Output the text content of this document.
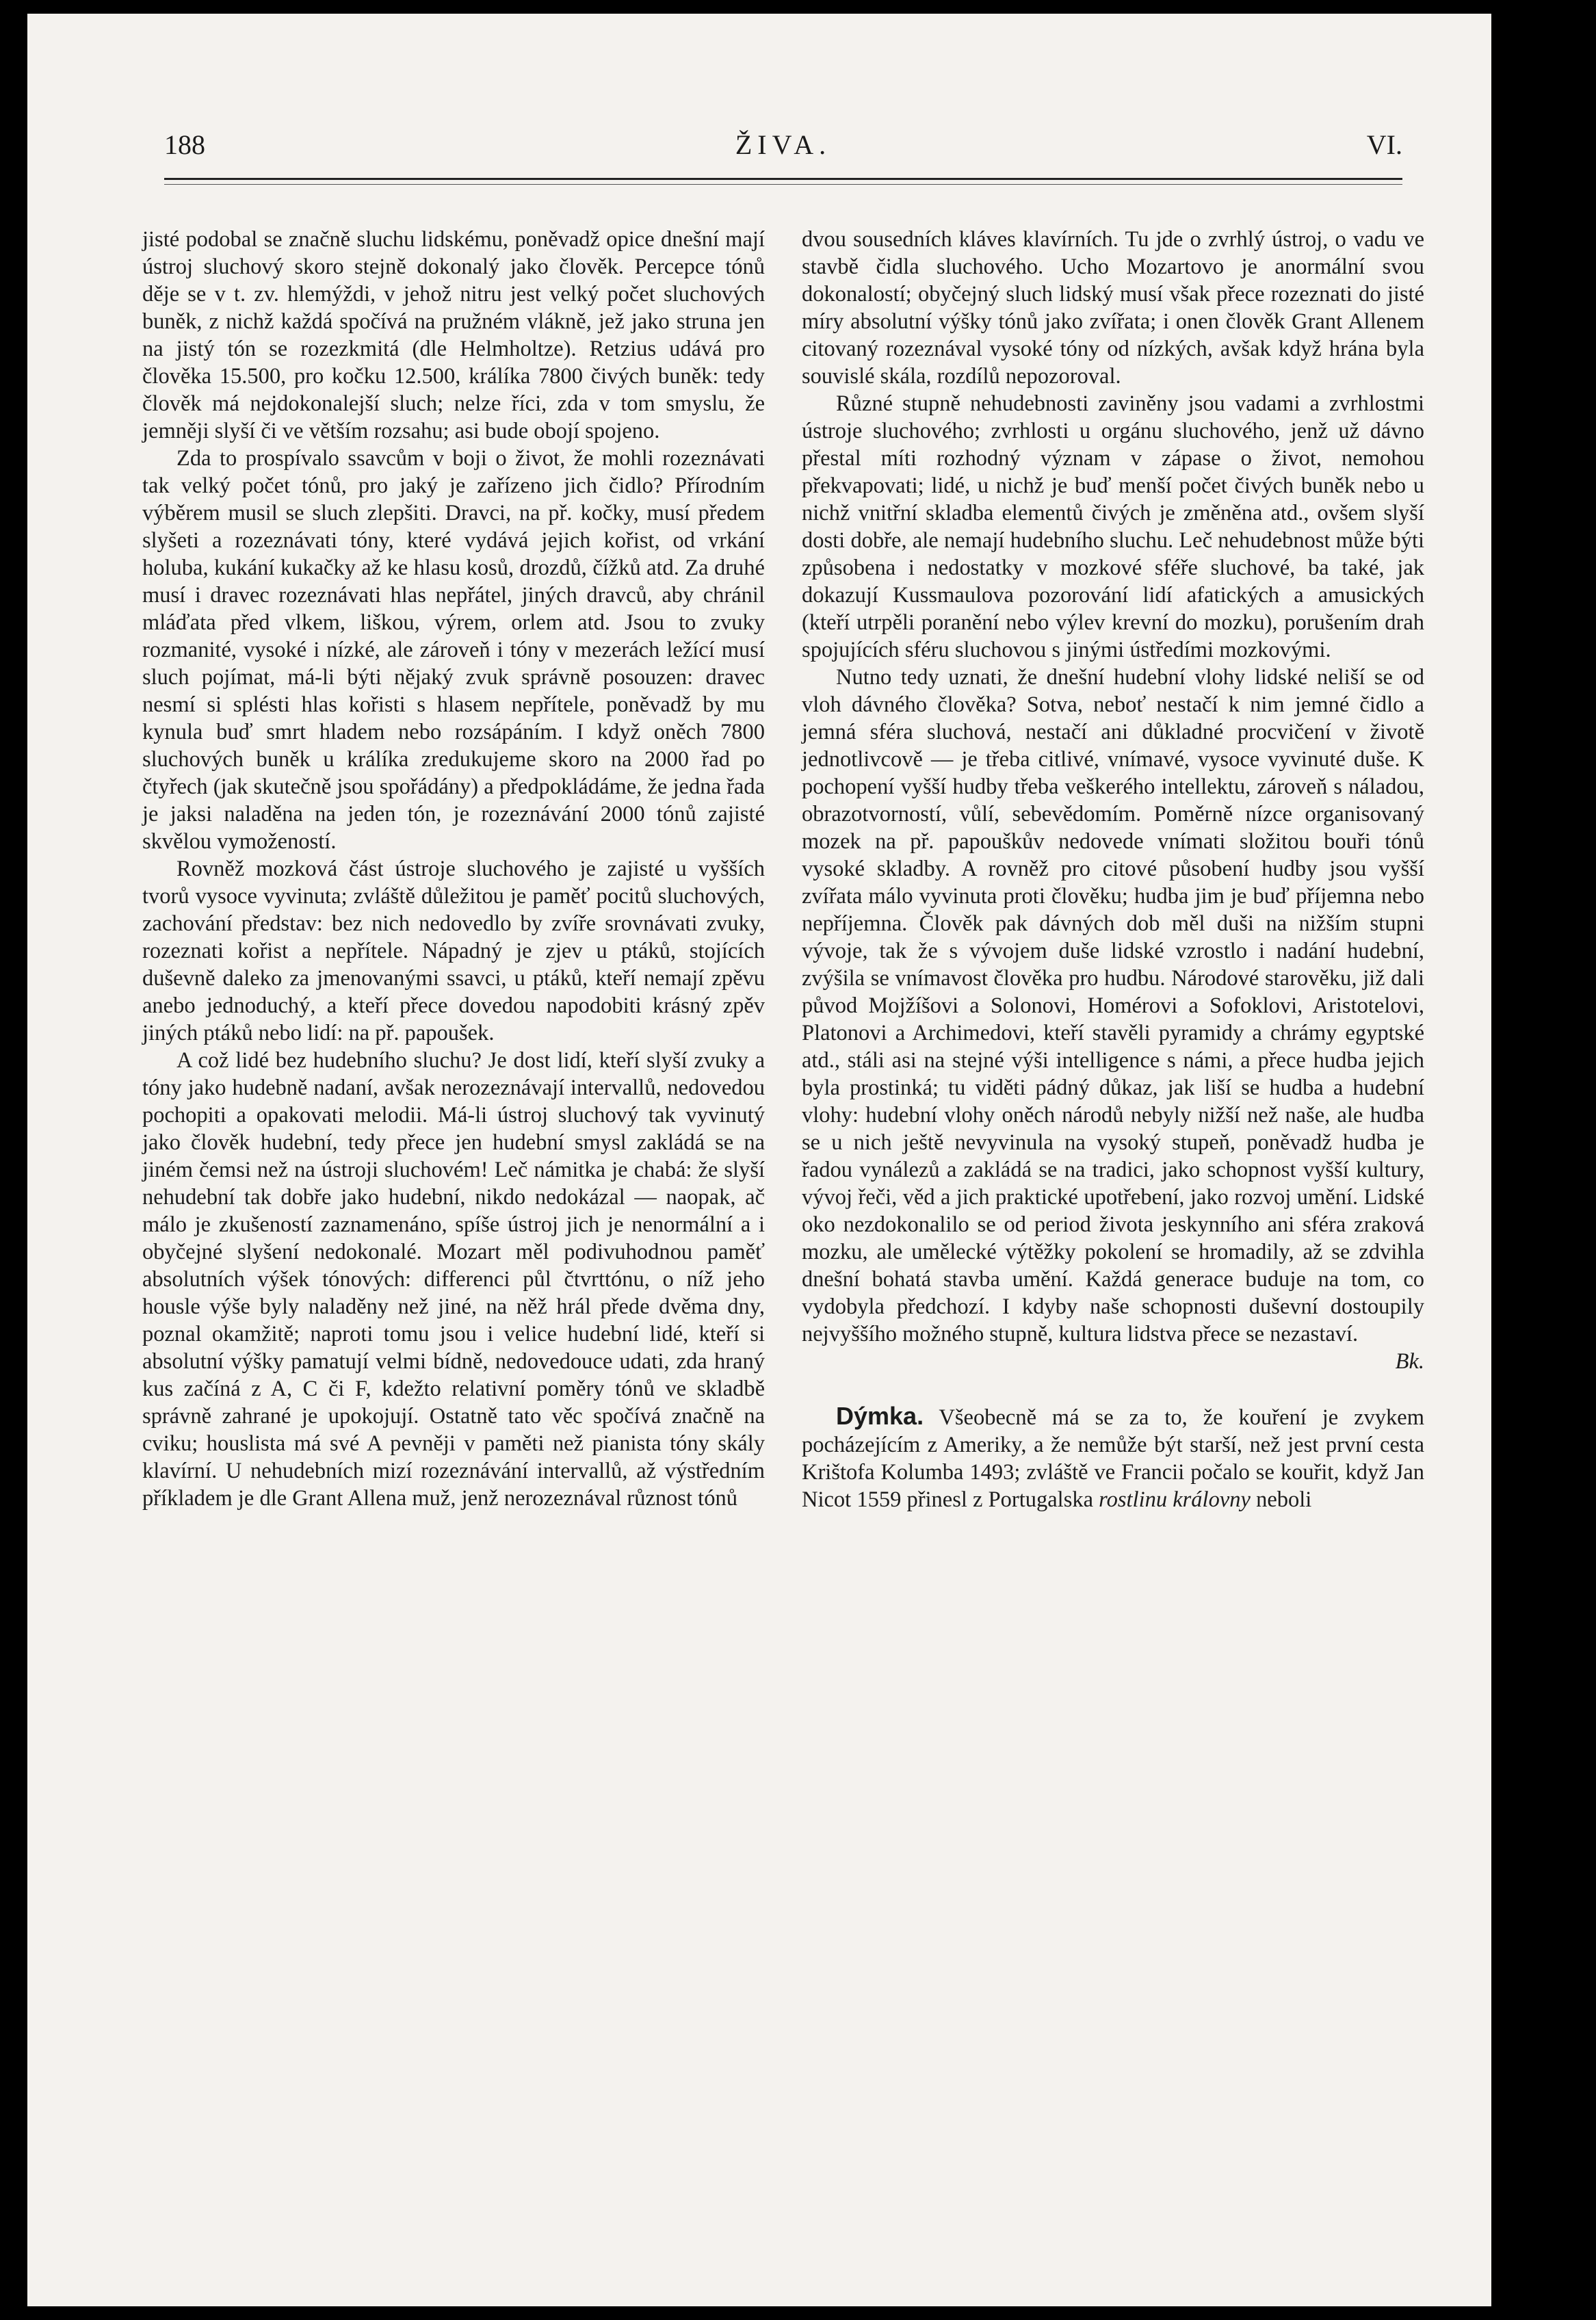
188	ŽIVA.	VI.

jisté podobal se značně sluchu lidskému, poněvadž opice dnešní mají ústroj sluchový skoro stejně dokonalý jako člověk. Percepce tónů děje se v t. zv. hlemýždi, v jehož nitru jest velký počet sluchových buněk, z nichž každá spočívá na pružném vlákně, jež jako struna jen na jistý tón se rozezkmitá (dle Helmholtze). Retzius udává pro člověka 15.500, pro kočku 12.500, králíka 7800 čivých buněk: tedy člověk má nejdokonalejší sluch; nelze říci, zda v tom smyslu, že jemněji slyší či ve větším rozsahu; asi bude obojí spojeno.

Zda to prospívalo ssavcům v boji o život, že mohli rozeznávati tak velký počet tónů, pro jaký je zařízeno jich čidlo? Přírodním výběrem musil se sluch zlepšiti. Dravci, na př. kočky, musí předem slyšeti a rozeznávati tóny, které vydává jejich kořist, od vrkání holuba, kukání kukačky až ke hlasu kosů, drozdů, čížků atd. Za druhé musí i dravec rozeznávati hlas nepřátel, jiných dravců, aby chránil mláďata před vlkem, liškou, výrem, orlem atd. Jsou to zvuky rozmanité, vysoké i nízké, ale zároveň i tóny v mezerách ležící musí sluch pojímat, má-li býti nějaký zvuk správně posouzen: dravec nesmí si splésti hlas kořisti s hlasem nepřítele, poněvadž by mu kynula buď smrt hladem nebo rozsápáním. I když oněch 7800 sluchových buněk u králíka zredukujeme skoro na 2000 řad po čtyřech (jak skutečně jsou spořádány) a předpokládáme, že jedna řada je jaksi naladěna na jeden tón, je rozeznávání 2000 tónů zajisté skvělou vymožeností.

Rovněž mozková část ústroje sluchového je zajisté u vyšších tvorů vysoce vyvinuta; zvláště důležitou je paměť pocitů sluchových, zachování představ: bez nich nedovedlo by zvíře srovnávati zvuky, rozeznati kořist a nepřítele. Nápadný je zjev u ptáků, stojících duševně daleko za jmenovanými ssavci, u ptáků, kteří nemají zpěvu anebo jednoduchý, a kteří přece dovedou napodobiti krásný zpěv jiných ptáků nebo lidí: na př. papoušek.

A což lidé bez hudebního sluchu? Je dost lidí, kteří slyší zvuky a tóny jako hudebně nadaní, avšak nerozeznávají intervallů, nedovedou pochopiti a opakovati melodii. Má-li ústroj sluchový tak vyvinutý jako člověk hudební, tedy přece jen hudební smysl zakládá se na jiném čemsi než na ústroji sluchovém! Leč námitka je chabá: že slyší nehudební tak dobře jako hudební, nikdo nedokázal — naopak, ač málo je zkušeností zaznamenáno, spíše ústroj jich je nenormální a i obyčejné slyšení nedokonalé. Mozart měl podivuhodnou paměť absolutních výšek tónových: differenci půl čtvrttónu, o níž jeho housle výše byly naladěny než jiné, na něž hrál přede dvěma dny, poznal okamžitě; naproti tomu jsou i velice hudební lidé, kteří si absolutní výšky pamatují velmi bídně, nedovedouce udati, zda hraný kus začíná z A, C či F, kdežto relativní poměry tónů ve skladbě správně zahrané je upokojují. Ostatně tato věc spočívá značně na cviku; houslista má své A pevněji v paměti než pianista tóny skály klavírní. U nehudebních mizí rozeznávání intervallů, až výstředním příkladem je dle Grant Allena muž, jenž nerozeznával různost tónů

dvou sousedních kláves klavírních. Tu jde o zvrhlý ústroj, o vadu ve stavbě čidla sluchového. Ucho Mozartovo je anormální svou dokonalostí; obyčejný sluch lidský musí však přece rozeznati do jisté míry absolutní výšky tónů jako zvířata; i onen člověk Grant Allenem citovaný rozeznával vysoké tóny od nízkých, avšak když hrána byla souvislé skála, rozdílů nepozoroval.

Různé stupně nehudebnosti zaviněny jsou vadami a zvrhlostmi ústroje sluchového; zvrhlosti u orgánu sluchového, jenž už dávno přestal míti rozhodný význam v zápase o život, nemohou překvapovati; lidé, u nichž je buď menší počet čivých buněk nebo u nichž vnitřní skladba elementů čivých je změněna atd., ovšem slyší dosti dobře, ale nemají hudebního sluchu. Leč nehudebnost může býti způsobena i nedostatky v mozkové sféře sluchové, ba také, jak dokazují Kussmaulova pozorování lidí afatických a amusických (kteří utrpěli poranění nebo výlev krevní do mozku), porušením drah spojujících sféru sluchovou s jinými ústředími mozkovými.

Nutno tedy uznati, že dnešní hudební vlohy lidské neliší se od vloh dávného člověka? Sotva, neboť nestačí k nim jemné čidlo a jemná sféra sluchová, nestačí ani důkladné procvičení v životě jednotlivcově — je třeba citlivé, vnímavé, vysoce vyvinuté duše. K pochopení vyšší hudby třeba veškerého intellektu, zároveň s náladou, obrazotvorností, vůlí, sebevědomím. Poměrně nízce organisovaný mozek na př. papouškův nedovede vnímati složitou bouři tónů vysoké skladby. A rovněž pro citové působení hudby jsou vyšší zvířata málo vyvinuta proti člověku; hudba jim je buď příjemna nebo nepříjemna. Člověk pak dávných dob měl duši na nižším stupni vývoje, tak že s vývojem duše lidské vzrostlo i nadání hudební, zvýšila se vnímavost člověka pro hudbu. Národové starověku, již dali původ Mojžíšovi a Solonovi, Homérovi a Sofoklovi, Aristotelovi, Platonovi a Archimedovi, kteří stavěli pyramidy a chrámy egyptské atd., stáli asi na stejné výši intelligence s námi, a přece hudba jejich byla prostinká; tu viděti pádný důkaz, jak liší se hudba a hudební vlohy: hudební vlohy oněch národů nebyly nižší než naše, ale hudba se u nich ještě nevyvinula na vysoký stupeň, poněvadž hudba je řadou vynálezů a zakládá se na tradici, jako schopnost vyšší kultury, vývoj řeči, věd a jich praktické upotřebení, jako rozvoj umění. Lidské oko nezdokonalilo se od period života jeskynního ani sféra zraková mozku, ale umělecké výtěžky pokolení se hromadily, až se zdvihla dnešní bohatá stavba umění. Každá generace buduje na tom, co vydobyla předchozí. I kdyby naše schopnosti duševní dostoupily nejvyššího možného stupně, kultura lidstva přece se nezastaví.

Bk.

Dýmka. Všeobecně má se za to, že kouření je zvykem pocházejícím z Ameriky, a že nemůže být starší, než jest první cesta Krištofa Kolumba 1493; zvláště ve Francii počalo se kouřit, když Jan Nicot 1559 přinesl z Portugalska rostlinu královny neboli
